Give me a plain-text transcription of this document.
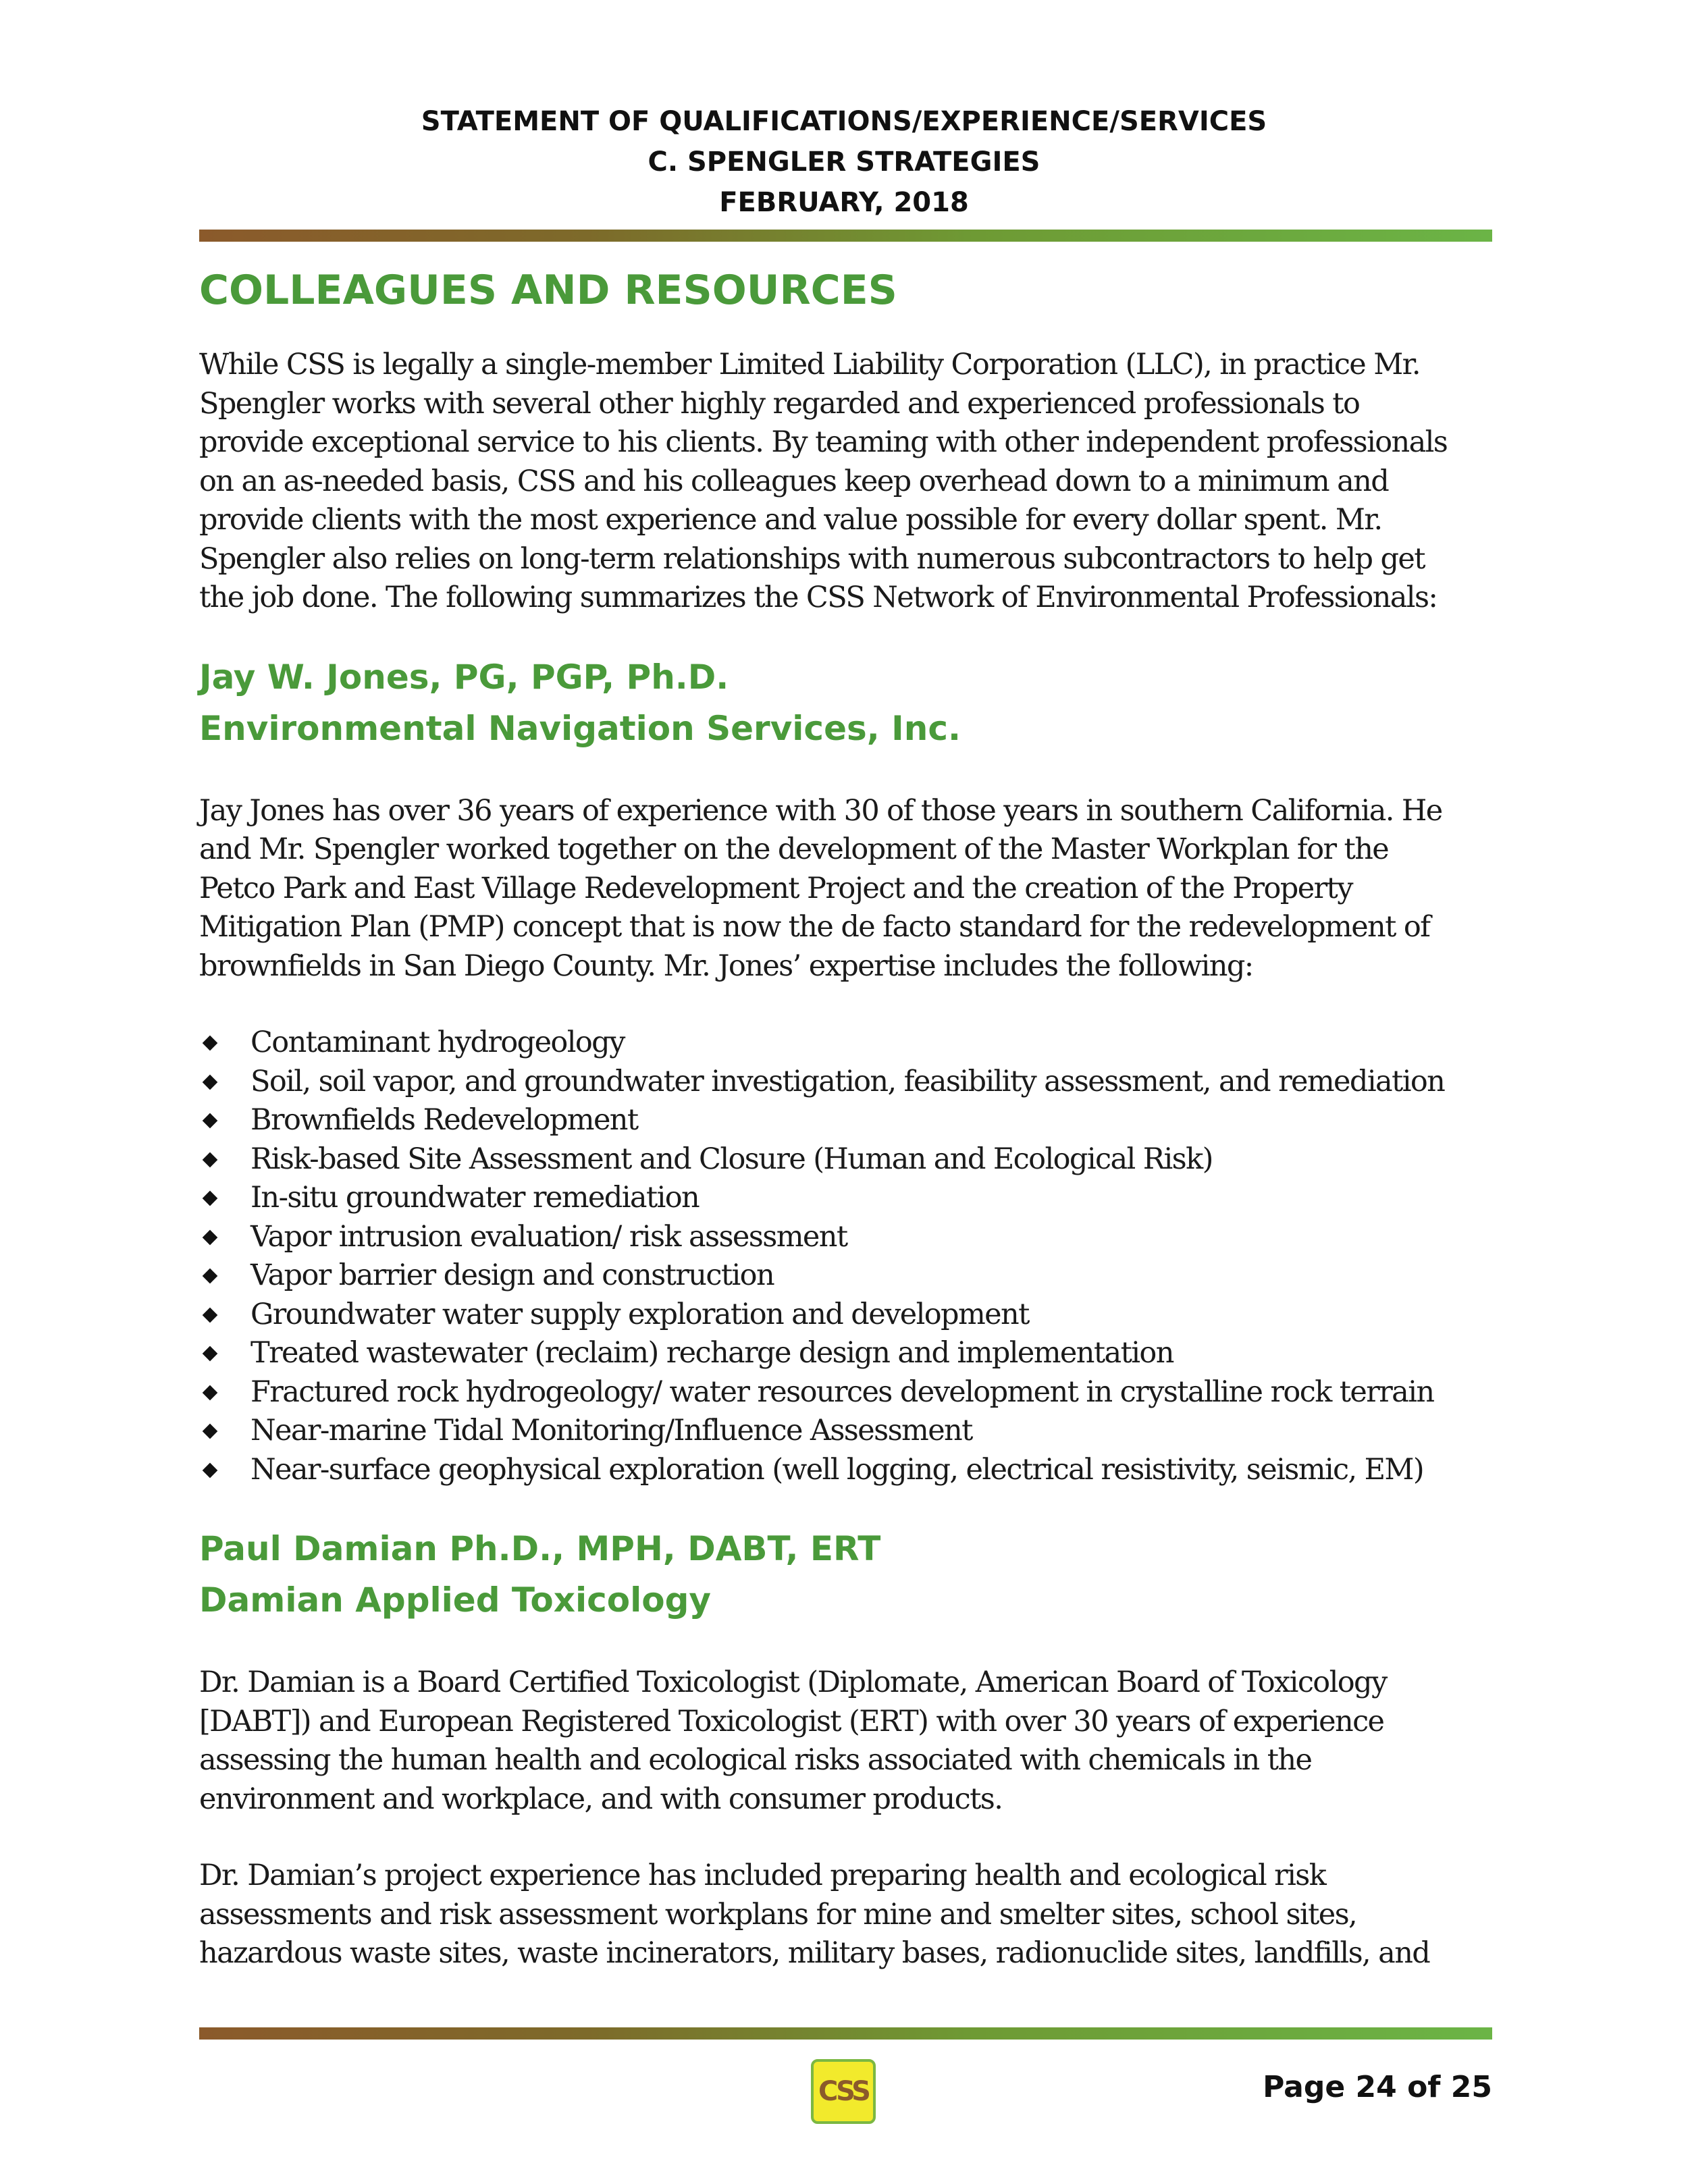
STATEMENT OF QUALIFICATIONS/EXPERIENCE/SERVICES
C. SPENGLER STRATEGIES
FEBRUARY, 2018
COLLEAGUES AND RESOURCES

While CSS is legally a single-member Limited Liability Corporation (LLC), in practice Mr.

Spengler works with several other highly regarded and experienced professionals to

provide exceptional service to his clients. By teaming with other independent professionals

on an as-needed basis, CSS and his colleagues keep overhead down to a minimum and

provide clients with the most experience and value possible for every dollar spent. Mr.

Spengler also relies on long-term relationships with numerous subcontractors to help get

the job done. The following summarizes the CSS Network of Environmental Professionals:

Jay W. Jones, PG, PGP, Ph.D.
Environmental Navigation Services, Inc.

Jay Jones has over 36 years of experience with 30 of those years in southern California. He

and Mr. Spengler worked together on the development of the Master Workplan for the

Petco Park and East Village Redevelopment Project and the creation of the Property

Mitigation Plan (PMP) concept that is now the de facto standard for the redevelopment of

brownfields in San Diego County. Mr. Jones’ expertise includes the following:

Contaminant hydrogeology
Soil, soil vapor, and groundwater investigation, feasibility assessment, and remediation
Brownfields Redevelopment
Risk-based Site Assessment and Closure (Human and Ecological Risk)
In-situ groundwater remediation
Vapor intrusion evaluation/ risk assessment
Vapor barrier design and construction
Groundwater water supply exploration and development
Treated wastewater (reclaim) recharge design and implementation
Fractured rock hydrogeology/ water resources development in crystalline rock terrain
Near-marine Tidal Monitoring/Influence Assessment
Near-surface geophysical exploration (well logging, electrical resistivity, seismic, EM)
Paul Damian Ph.D., MPH, DABT, ERT
Damian Applied Toxicology

Dr. Damian is a Board Certified Toxicologist (Diplomate, American Board of Toxicology

[DABT]) and European Registered Toxicologist (ERT) with over 30 years of experience

assessing the human health and ecological risks associated with chemicals in the

environment and workplace, and with consumer products.

Dr. Damian’s project experience has included preparing health and ecological risk

assessments and risk assessment workplans for mine and smelter sites, school sites,

hazardous waste sites, waste incinerators, military bases, radionuclide sites, landfills, and

CSS	Page 24 of 25
